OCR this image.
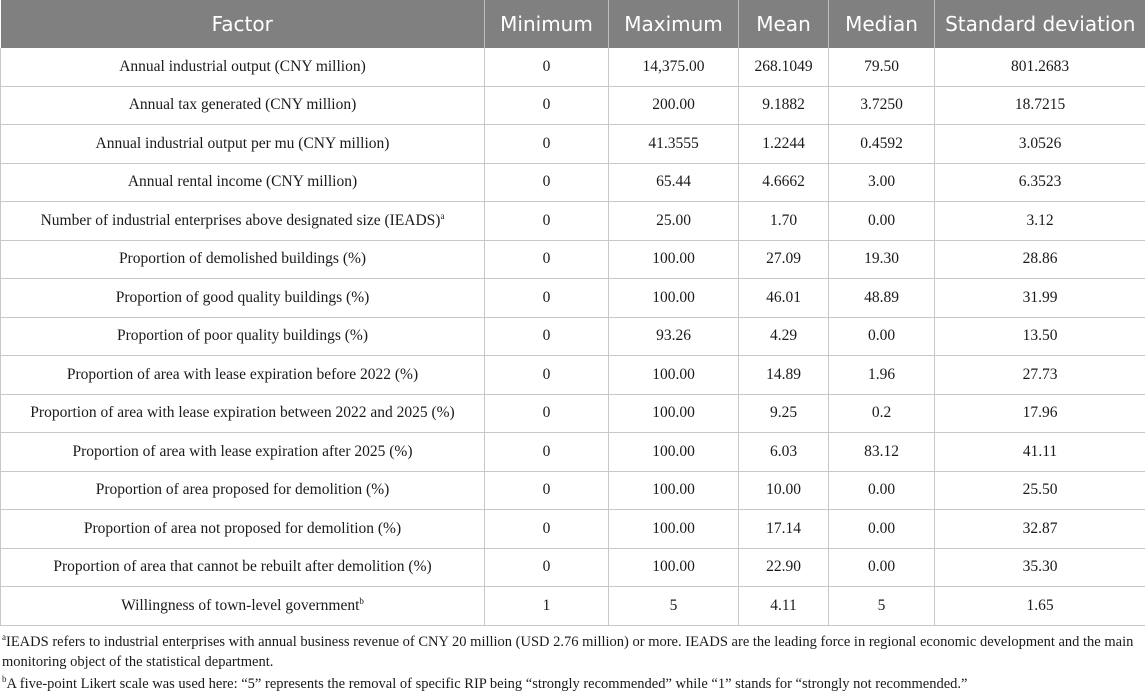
Factor	Minimum	Maximum	Mean	Median	Standard deviation
Annual industrial output (CNY million)	0	14,375.00	268.1049	79.50	801.2683
Annual tax generated (CNY million)	0	200.00	9.1882	3.7250	18.7215
Annual industrial output per mu (CNY million)	0	41.3555	1.2244	0.4592	3.0526
Annual rental income (CNY million)	0	65.44	4.6662	3.00	6.3523
Number of industrial enterprises above designated size (IEADS)$^a$	0	25.00	1.70	0.00	3.12
Proportion of demolished buildings (%)	0	100.00	27.09	19.30	28.86
Proportion of good quality buildings (%)	0	100.00	46.01	48.89	31.99
Proportion of poor quality buildings (%)	0	93.26	4.29	0.00	13.50
Proportion of area with lease expiration before 2022 (%)	0	100.00	14.89	1.96	27.73
Proportion of area with lease expiration between 2022 and 2025 (%)	0	100.00	9.25	0.2	17.96
Proportion of area with lease expiration after 2025 (%)	0	100.00	6.03	83.12	41.11
Proportion of area proposed for demolition (%)	0	100.00	10.00	0.00	25.50
Proportion of area not proposed for demolition (%)	0	100.00	17.14	0.00	32.87
Proportion of area that cannot be rebuilt after demolition (%)	0	100.00	22.90	0.00	35.30
Willingness of town-level government$^b$	1	5	4.11	5	1.65
$^a$IEADS refers to industrial enterprises with annual business revenue of CNY 20 million (USD 2.76 million) or more. IEADS are the leading force in regional economic development and the main monitoring object of the statistical department.
$^b$A five-point Likert scale was used here: “5” represents the removal of specific RIP being “strongly recommended” while “1” stands for “strongly not recommended.”
